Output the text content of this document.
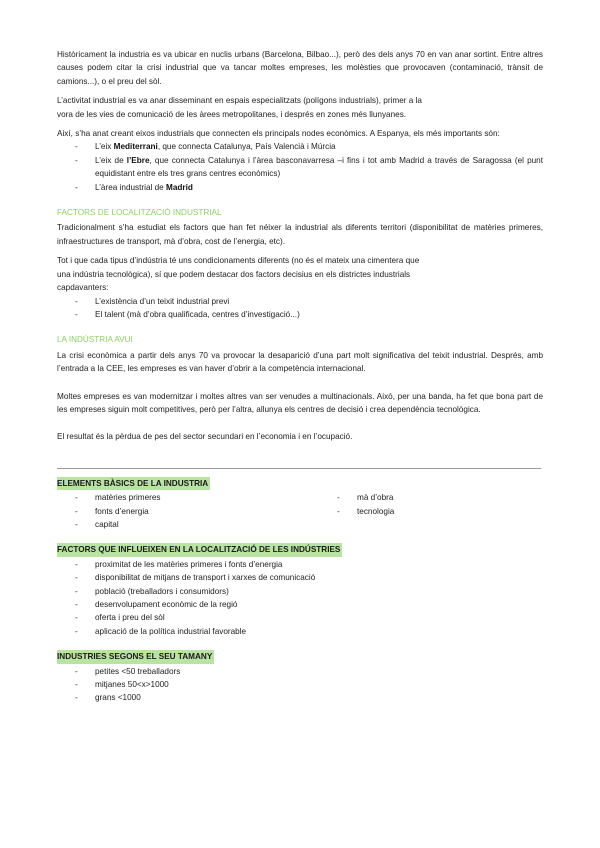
Històricament la industria es va ubicar en nuclis urbans (Barcelona, Bilbao...), però des dels anys 70 en van anar sortint. Entre altres causes podem citar la crisi industrial que va tancar moltes empreses, les molèsties que provocaven (contaminació, trànsit de camions...), o el preu del sòl.

L’activitat industrial es va anar disseminant en espais especialitzats (polígons industrials), primer a la
vora de les vies de comunicació de les àrees metropolitanes, i després en zones més llunyanes.

Així, s’ha anat creant eixos industrials que connecten els principals nodes econòmics. A Espanya, els més importants són:

- L’eix Mediterrani, que connecta Catalunya, País Valencià i Múrcia
- L’eix de l’Ebre, que connecta Catalunya i l’àrea basconavarresa –i fins i tot amb Madrid a través de Saragossa (el punt equidistant entre els tres grans centres econòmics)
- L’àrea industrial de Madrid
FACTORS DE LOCALITZACIÓ INDUSTRIAL

Tradicionalment s’ha estudiat els factors que han fet néixer la industrial als diferents territori (disponibilitat de matèries primeres, infraestructures de transport, mà d’obra, cost de l’energia, etc).

Tot i que cada tipus d’indústria té uns condicionaments diferents (no és el mateix una cimentera que
una indústria tecnològica), sí que podem destacar dos factors decisius en els districtes industrials
capdavanters:
- L’existència d’un teixit industrial previ
- El talent (mà d’obra qualificada, centres d’investigació...)
LA INDÚSTRIA AVUI

La crisi econòmica a partir dels anys 70 va provocar la desaparició d’una part molt significativa del teixit industrial. Després, amb l’entrada a la CEE, les empreses es van haver d’obrir a la competència internacional.

Moltes empreses es van modernitzar i moltes altres van ser venudes a multinacionals. Això, per una banda, ha fet que bona part de les empreses siguin molt competitives, però per l’altra, allunya els centres de decisió i crea dependència tecnològica.

El resultat és la pèrdua de pes del sector secundari en l’economia i en l’ocupació.

ELEMENTS BÀSICS DE LA INDUSTRIA
- matèries primeres
- fonts d’energia
- capital
- mà d’obra
- tecnologia
FACTORS QUE INFLUEIXEN EN LA LOCALITZACIÓ DE LES INDÚSTRIES
- proximitat de les matèries primeres i fonts d’energia
- disponibilitat de mitjans de transport i xarxes de comunicació
- població (treballadors i consumidors)
- desenvolupament econòmic de la regió
- oferta i preu del sòl
- aplicació de la política industrial favorable
INDUSTRIES SEGONS EL SEU TAMANY
- petites <50 treballadors
- mitjanes 50<x>1000
- grans <1000
